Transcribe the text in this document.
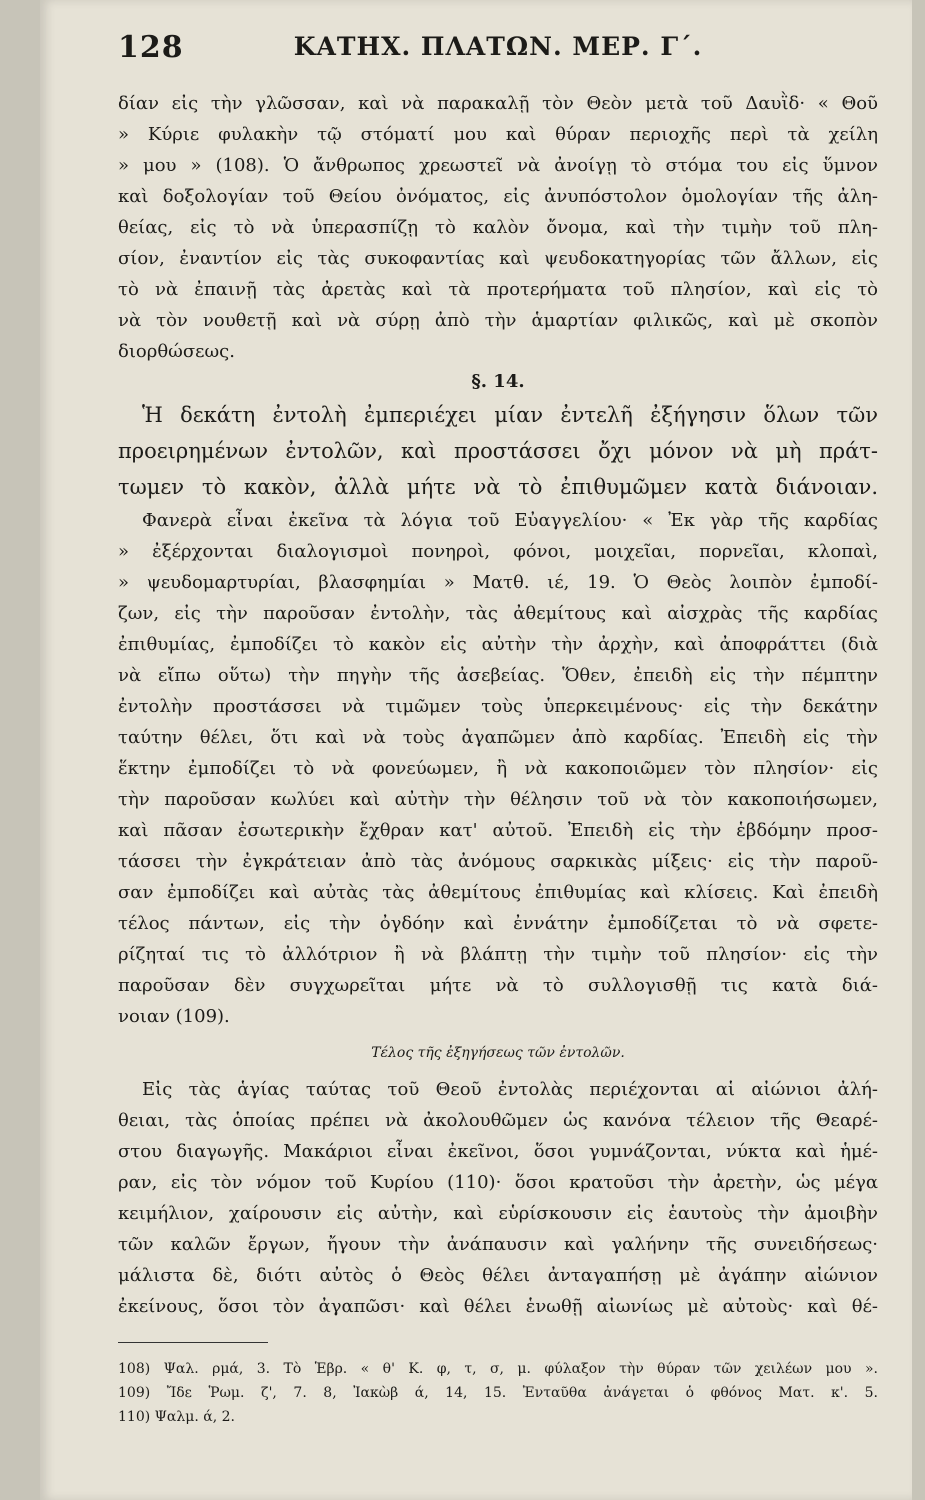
128	ΚΑΤΗΧ. ΠΛΑΤΩΝ. ΜΕΡ. Γ΄.
δίαν εἰς τὴν γλῶσσαν, καὶ νὰ παρακαλῇ τὸν Θεὸν μετὰ τοῦ Δαυῒδ· « Θοῦ
» Κύριε φυλακὴν τῷ στόματί μου καὶ θύραν περιοχῆς περὶ τὰ χείλη
» μου » (108). Ὁ ἄνθρωπος χρεωστεῖ νὰ ἀνοίγῃ τὸ στόμα του εἰς ὕμνον
καὶ δοξολογίαν τοῦ Θείου ὀνόματος, εἰς ἀνυπόστολον ὁμολογίαν τῆς ἀλη-
θείας, εἰς τὸ νὰ ὑπερασπίζῃ τὸ καλὸν ὄνομα, καὶ τὴν τιμὴν τοῦ πλη-
σίον, ἐναντίον εἰς τὰς συκοφαντίας καὶ ψευδοκατηγορίας τῶν ἄλλων, εἰς
τὸ νὰ ἐπαινῇ τὰς ἀρετὰς καὶ τὰ προτερήματα τοῦ πλησίον, καὶ εἰς τὸ
νὰ τὸν νουθετῇ καὶ νὰ σύρῃ ἀπὸ τὴν ἁμαρτίαν φιλικῶς, καὶ μὲ σκοπὸν
διορθώσεως.
§. 14.
Ἡ δεκάτη ἐντολὴ ἐμπεριέχει μίαν ἐντελῆ ἐξήγησιν ὅλων τῶν
προειρημένων ἐντολῶν, καὶ προστάσσει ὄχι μόνον νὰ μὴ πράτ-
τωμεν τὸ κακὸν, ἀλλὰ μήτε νὰ τὸ ἐπιθυμῶμεν κατὰ διάνοιαν.
Φανερὰ εἶναι ἐκεῖνα τὰ λόγια τοῦ Εὐαγγελίου· « Ἐκ γὰρ τῆς καρδίας
» ἐξέρχονται διαλογισμοὶ πονηροὶ, φόνοι, μοιχεῖαι, πορνεῖαι, κλοπαὶ,
» ψευδομαρτυρίαι, βλασφημίαι » Ματθ. ιέ, 19. Ὁ Θεὸς λοιπὸν ἐμποδί-
ζων, εἰς τὴν παροῦσαν ἐντολὴν, τὰς ἀθεμίτους καὶ αἰσχρὰς τῆς καρδίας
ἐπιθυμίας, ἐμποδίζει τὸ κακὸν εἰς αὐτὴν τὴν ἀρχὴν, καὶ ἀποφράττει (διὰ
νὰ εἴπω οὕτω) τὴν πηγὴν τῆς ἀσεβείας. Ὅθεν, ἐπειδὴ εἰς τὴν πέμπτην
ἐντολὴν προστάσσει νὰ τιμῶμεν τοὺς ὑπερκειμένους· εἰς τὴν δεκάτην
ταύτην θέλει, ὅτι καὶ νὰ τοὺς ἀγαπῶμεν ἀπὸ καρδίας. Ἐπειδὴ εἰς τὴν
ἕκτην ἐμποδίζει τὸ νὰ φονεύωμεν, ἢ νὰ κακοποιῶμεν τὸν πλησίον· εἰς
τὴν παροῦσαν κωλύει καὶ αὐτὴν τὴν θέλησιν τοῦ νὰ τὸν κακοποιήσωμεν,
καὶ πᾶσαν ἐσωτερικὴν ἔχθραν κατ' αὐτοῦ. Ἐπειδὴ εἰς τὴν ἑβδόμην προσ-
τάσσει τὴν ἐγκράτειαν ἀπὸ τὰς ἀνόμους σαρκικὰς μίξεις· εἰς τὴν παροῦ-
σαν ἐμποδίζει καὶ αὐτὰς τὰς ἀθεμίτους ἐπιθυμίας καὶ κλίσεις. Καὶ ἐπειδὴ
τέλος πάντων, εἰς τὴν ὀγδόην καὶ ἐννάτην ἐμποδίζεται τὸ νὰ σφετε-
ρίζηταί τις τὸ ἀλλότριον ἢ νὰ βλάπτῃ τὴν τιμὴν τοῦ πλησίον· εἰς τὴν
παροῦσαν δὲν συγχωρεῖται μήτε νὰ τὸ συλλογισθῇ τις κατὰ διά-
νοιαν (109).
Τέλος τῆς ἐξηγήσεως τῶν ἐντολῶν.
Εἰς τὰς ἁγίας ταύτας τοῦ Θεοῦ ἐντολὰς περιέχονται αἱ αἰώνιοι ἀλή-
θειαι, τὰς ὁποίας πρέπει νὰ ἀκολουθῶμεν ὡς κανόνα τέλειον τῆς Θεαρέ-
στου διαγωγῆς. Μακάριοι εἶναι ἐκεῖνοι, ὅσοι γυμνάζονται, νύκτα καὶ ἡμέ-
ραν, εἰς τὸν νόμον τοῦ Κυρίου (110)· ὅσοι κρατοῦσι τὴν ἀρετὴν, ὡς μέγα
κειμήλιον, χαίρουσιν εἰς αὐτὴν, καὶ εὑρίσκουσιν εἰς ἑαυτοὺς τὴν ἀμοιβὴν
τῶν καλῶν ἔργων, ἤγουν τὴν ἀνάπαυσιν καὶ γαλήνην τῆς συνειδήσεως·
μάλιστα δὲ, διότι αὐτὸς ὁ Θεὸς θέλει ἀνταγαπήσῃ μὲ ἀγάπην αἰώνιον
ἐκείνους, ὅσοι τὸν ἀγαπῶσι· καὶ θέλει ἑνωθῇ αἰωνίως μὲ αὐτοὺς· καὶ θέ-
108) Ψαλ. ρμά, 3. Τὸ Ἑβρ. « θ' Κ. φ, τ, σ, μ. φύλαξον τὴν θύραν τῶν χειλέων μου ».
109) Ἴδε Ῥωμ. ζ', 7. 8, Ἰακὼβ ά, 14, 15. Ἐνταῦθα ἀνάγεται ὁ φθόνος Ματ. κ'. 5.
110) Ψαλμ. ά, 2.
